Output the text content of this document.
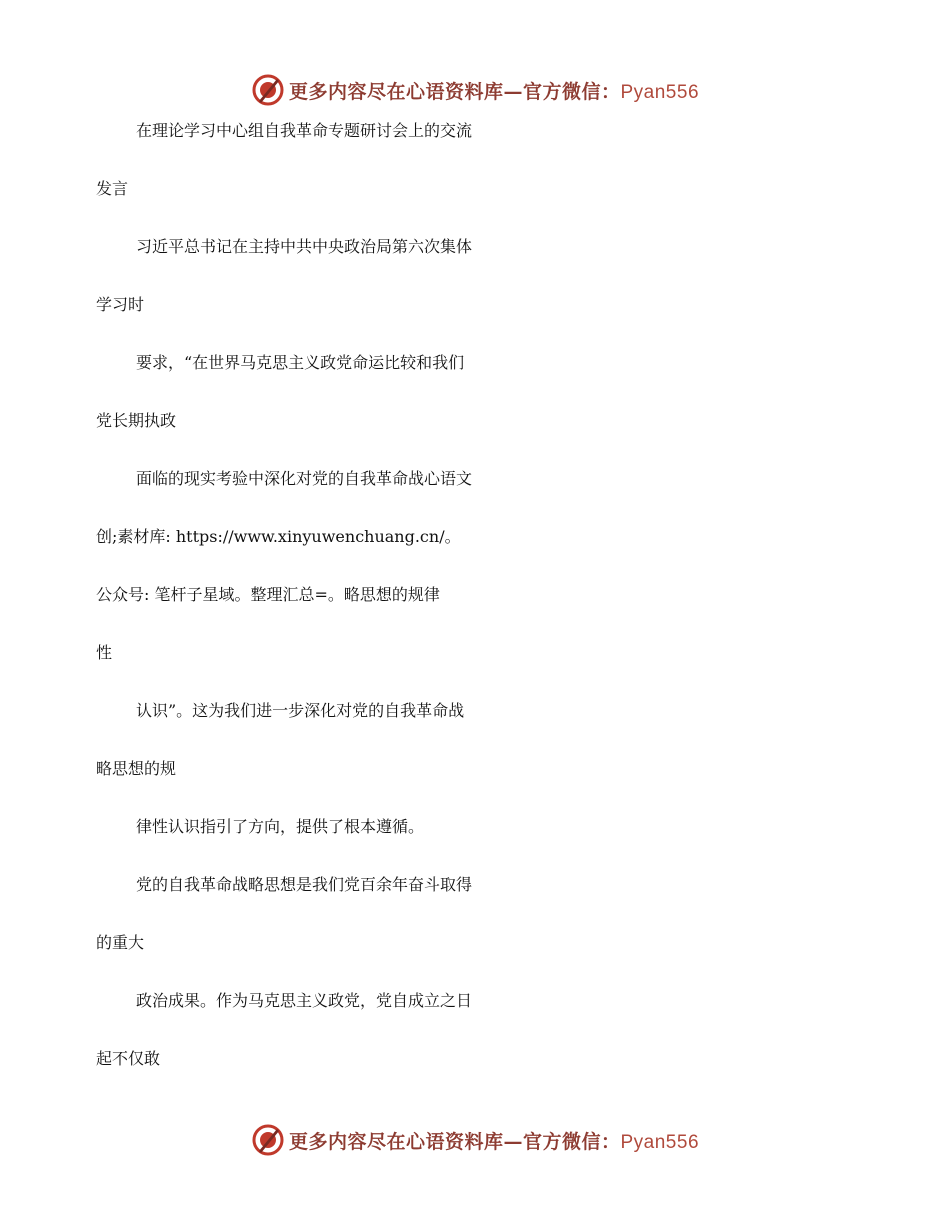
更多内容尽在心语资料库—官方微信：Pyan556
在理论学习中心组自我革命专题研讨会上的交流
发言
习近平总书记在主持中共中央政治局第六次集体
学习时
要求，“在世界马克思主义政党命运比较和我们
党长期执政
面临的现实考验中深化对党的自我革命战心语文
创;素材库: https://www.xinyuwenchuang.cn/。
公众号: 笔杆子星域。整理汇总=。略思想的规律
性
认识”。这为我们进一步深化对党的自我革命战
略思想的规
律性认识指引了方向，提供了根本遵循。
党的自我革命战略思想是我们党百余年奋斗取得
的重大
政治成果。作为马克思主义政党，党自成立之日
起不仅敢
更多内容尽在心语资料库—官方微信：Pyan556
